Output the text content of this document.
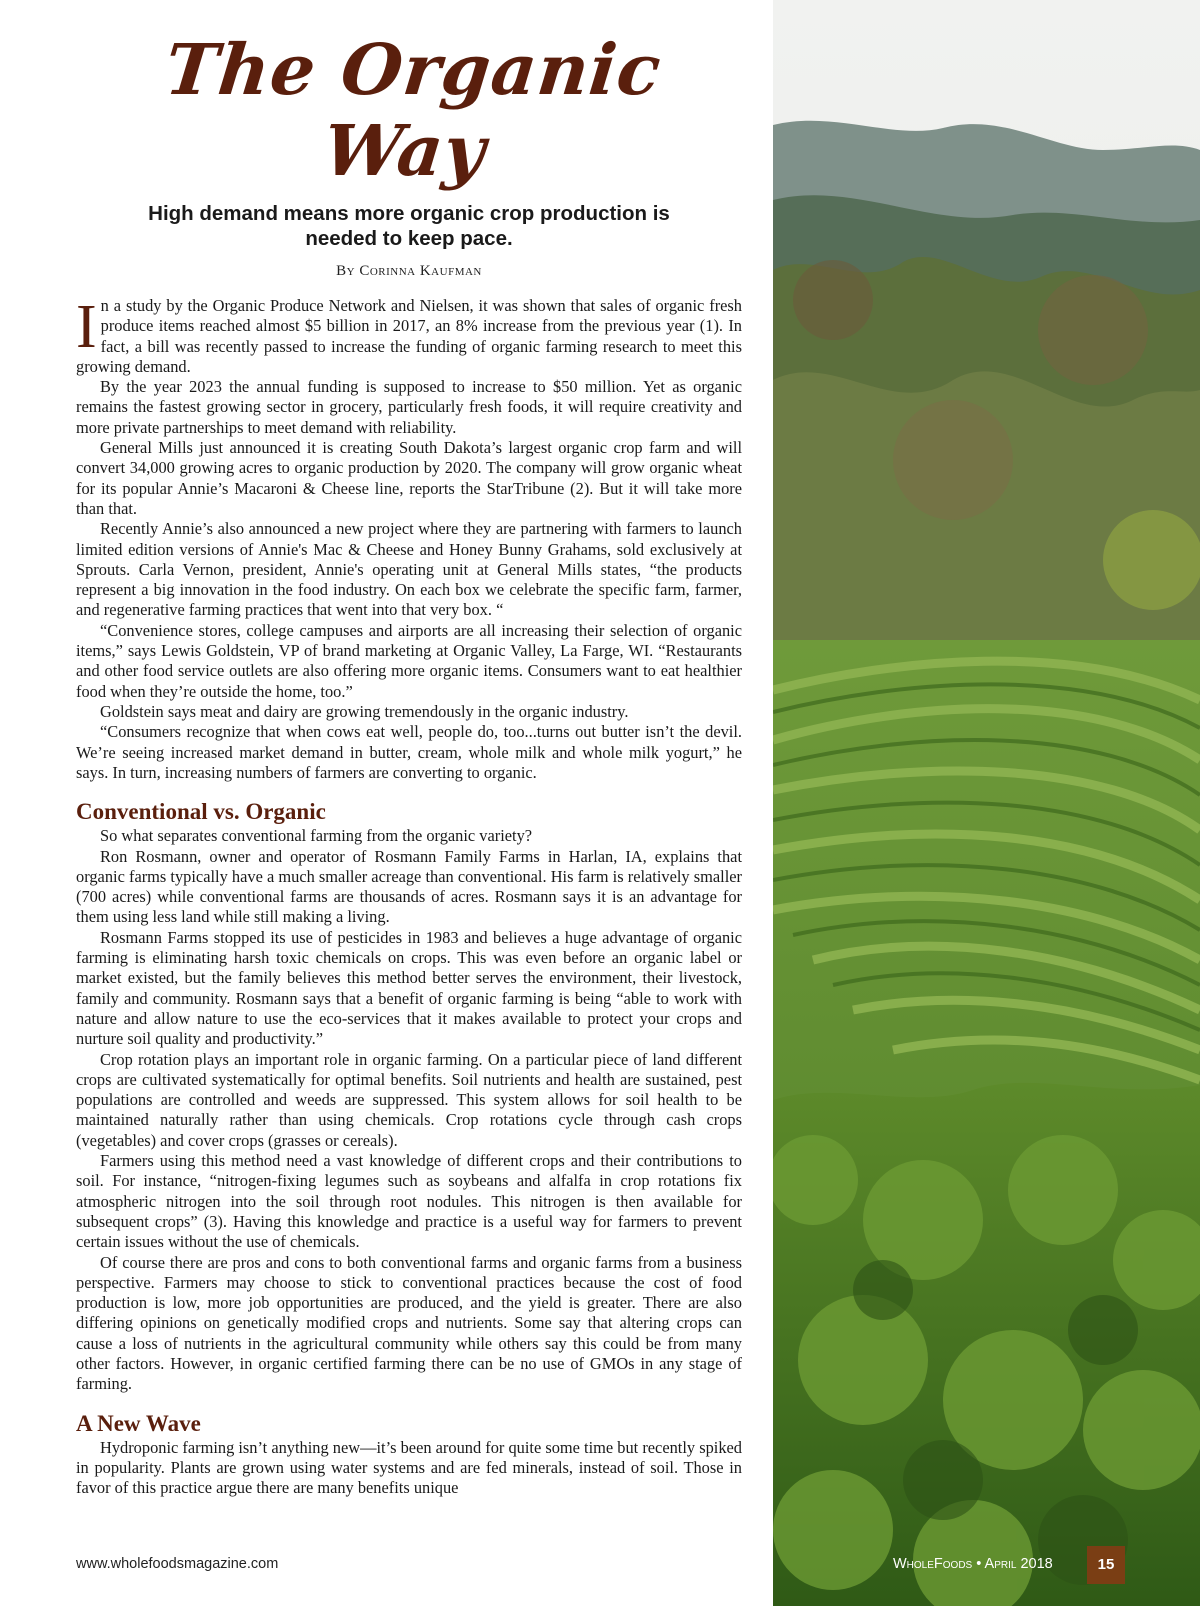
The Organic Way
High demand means more organic crop production is needed to keep pace.
By Corinna Kaufman

In a study by the Organic Produce Network and Nielsen, it was shown that sales of organic fresh produce items reached almost $5 billion in 2017, an 8% increase from the previous year (1). In fact, a bill was recently passed to increase the funding of organic farming research to meet this growing demand.

By the year 2023 the annual funding is supposed to increase to $50 million. Yet as organic remains the fastest growing sector in grocery, particularly fresh foods, it will require creativity and more private partnerships to meet demand with reliability.

General Mills just announced it is creating South Dakota’s largest organic crop farm and will convert 34,000 growing acres to organic production by 2020. The company will grow organic wheat for its popular Annie’s Macaroni & Cheese line, reports the StarTribune (2). But it will take more than that.

Recently Annie’s also announced a new project where they are partnering with farmers to launch limited edition versions of Annie's Mac & Cheese and Honey Bunny Grahams, sold exclusively at Sprouts. Carla Vernon, president, Annie's operating unit at General Mills states, “the products represent a big innovation in the food industry. On each box we celebrate the specific farm, farmer, and regenerative farming practices that went into that very box. “

“Convenience stores, college campuses and airports are all increasing their selection of organic items,” says Lewis Goldstein, VP of brand marketing at Organic Valley, La Farge, WI. “Restaurants and other food service outlets are also offering more organic items. Consumers want to eat healthier food when they’re outside the home, too.”

Goldstein says meat and dairy are growing tremendously in the organic industry.

“Consumers recognize that when cows eat well, people do, too...turns out butter isn’t the devil. We’re seeing increased market demand in butter, cream, whole milk and whole milk yogurt,” he says. In turn, increasing numbers of farmers are converting to organic.

Conventional vs. Organic

So what separates conventional farming from the organic variety?

Ron Rosmann, owner and operator of Rosmann Family Farms in Harlan, IA, explains that organic farms typically have a much smaller acreage than conventional. His farm is relatively smaller (700 acres) while conventional farms are thousands of acres. Rosmann says it is an advantage for them using less land while still making a living.

Rosmann Farms stopped its use of pesticides in 1983 and believes a huge advantage of organic farming is eliminating harsh toxic chemicals on crops. This was even before an organic label or market existed, but the family believes this method better serves the environment, their livestock, family and community. Rosmann says that a benefit of organic farming is being “able to work with nature and allow nature to use the eco-services that it makes available to protect your crops and nurture soil quality and productivity.”

Crop rotation plays an important role in organic farming. On a particular piece of land different crops are cultivated systematically for optimal benefits. Soil nutrients and health are sustained, pest populations are controlled and weeds are suppressed. This system allows for soil health to be maintained naturally rather than using chemicals. Crop rotations cycle through cash crops (vegetables) and cover crops (grasses or cereals).

Farmers using this method need a vast knowledge of different crops and their contributions to soil. For instance, “nitrogen-fixing legumes such as soybeans and alfalfa in crop rotations fix atmospheric nitrogen into the soil through root nodules. This nitrogen is then available for subsequent crops” (3). Having this knowledge and practice is a useful way for farmers to prevent certain issues without the use of chemicals.

Of course there are pros and cons to both conventional farms and organic farms from a business perspective. Farmers may choose to stick to conventional practices because the cost of food production is low, more job opportunities are produced, and the yield is greater. There are also differing opinions on genetically modified crops and nutrients. Some say that altering crops can cause a loss of nutrients in the agricultural community while others say this could be from many other factors. However, in organic certified farming there can be no use of GMOs in any stage of farming.

A New Wave

Hydroponic farming isn’t anything new—it’s been around for quite some time but recently spiked in popularity. Plants are grown using water systems and are fed minerals, instead of soil. Those in favor of this practice argue there are many benefits unique

www.wholefoodsmagazine.com	WholeFoods • April 2018	15
